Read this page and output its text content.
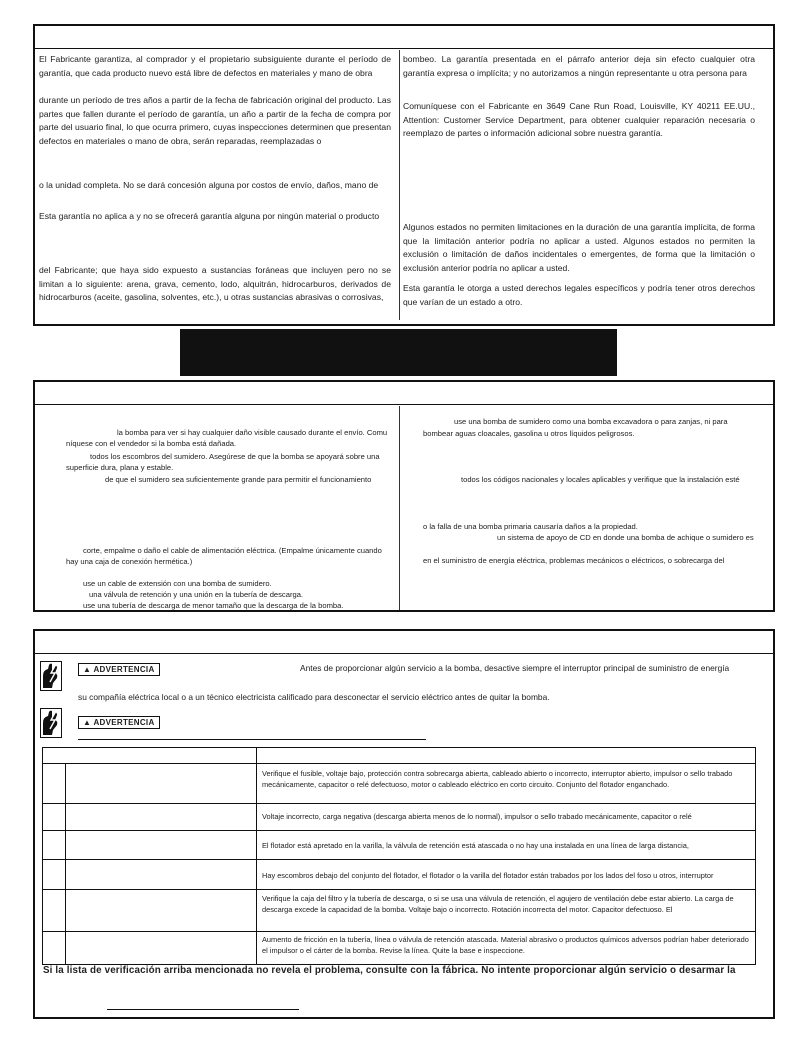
El Fabricante garantiza, al comprador y el propietario subsiguiente durante el período de garantía, que cada producto nuevo está libre de defectos en materiales y mano de obra

durante un período de tres años a partir de la fecha de fabricación original del producto. Las partes que fallen durante el período de garantía, un año a partir de la fecha de compra por parte del usuario final, lo que ocurra primero, cuyas inspecciones determinen que presentan defectos en materiales o mano de obra, serán reparadas, reemplazadas o

o la unidad completa. No se dará concesión alguna por costos de envío, daños, mano de

Esta garantía no aplica a y no se ofrecerá garantía alguna por ningún material o producto

del Fabricante; que haya sido expuesto a sustancias foráneas que incluyen pero no se limitan a lo siguiente: arena, grava, cemento, lodo, alquitrán, hidrocarburos, derivados de hidrocarburos (aceite, gasolina, solventes, etc.), u otras sustancias abrasivas o corrosivas,

bombeo. La garantía presentada en el párrafo anterior deja sin efecto cualquier otra garantía expresa o implícita; y no autorizamos a ningún representante u otra persona para

Comuníquese con el Fabricante en 3649 Cane Run Road, Louisville, KY 40211 EE.UU., Attention: Customer Service Department, para obtener cualquier reparación necesaria o reemplazo de partes o información adicional sobre nuestra garantía.

Algunos estados no permiten limitaciones en la duración de una garantía implícita, de forma que la limitación anterior podría no aplicar a usted. Algunos estados no permiten la exclusión o limitación de daños incidentales o emergentes, de forma que la limitación o exclusión anterior podría no aplicar a usted.

Esta garantía le otorga a usted derechos legales específicos y podría tener otros derechos que varían de un estado a otro.

la bomba para ver si hay cualquier daño visible causado durante el envío. Comu
níquese con el vendedor si la bomba está dañada.
todos los escombros del sumidero. Asegúrese de que la bomba se apoyará sobre una
superficie dura, plana y estable.
de que el sumidero sea suficientemente grande para permitir el funcionamiento
corte, empalme o daño el cable de alimentación eléctrica. (Empalme únicamente cuando
hay una caja de conexión hermética.)
use un cable de extensión con una bomba de sumidero.
una válvula de retención y una unión en la tubería de descarga.
use una tubería de descarga de menor tamaño que la descarga de la bomba.
use una bomba de sumidero como una bomba excavadora o para zanjas, ni para
bombear aguas cloacales, gasolina u otros líquidos peligrosos.
todos los códigos nacionales y locales aplicables y verifique que la instalación esté
o la falla de una bomba primaria causaría daños a la propiedad.
un sistema de apoyo de CD en donde una bomba de achique o sumidero es
en el suministro de energía eléctrica, problemas mecánicos o eléctricos, o sobrecarga del
▲ ADVERTENCIA	Antes de proporcionar algún servicio a la bomba, desactive siempre el interruptor principal de suministro de energía
su compañía eléctrica local o a un técnico electricista calificado para desconectar el servicio eléctrico antes de quitar la bomba.
▲ ADVERTENCIA
Verifique el fusible, voltaje bajo, protección contra sobrecarga abierta, cableado abierto o incorrecto, interruptor abierto, impulsor o sello trabado mecánicamente, capacitor o relé defectuoso, motor o cableado eléctrico en corto circuito. Conjunto del flotador enganchado.
Voltaje incorrecto, carga negativa (descarga abierta menos de lo normal), impulsor o sello trabado mecánicamente, capacitor o relé
El flotador está apretado en la varilla, la válvula de retención está atascada o no hay una instalada en una línea de larga distancia,
Hay escombros debajo del conjunto del flotador, el flotador o la varilla del flotador están trabados por los lados del foso u otros, interruptor
Verifique la caja del filtro y la tubería de descarga, o si se usa una válvula de retención, el agujero de ventilación debe estar abierto. La carga de descarga excede la capacidad de la bomba. Voltaje bajo o incorrecto. Rotación incorrecta del motor. Capacitor defectuoso. El
Aumento de fricción en la tubería, línea o válvula de retención atascada. Material abrasivo o productos químicos adversos podrían haber deteriorado el impulsor o el cárter de la bomba. Revise la línea. Quite la base e inspeccione.
Si la lista de verificación arriba mencionada no revela el problema, consulte con la fábrica. No intente proporcionar algún servicio o desarmar la
